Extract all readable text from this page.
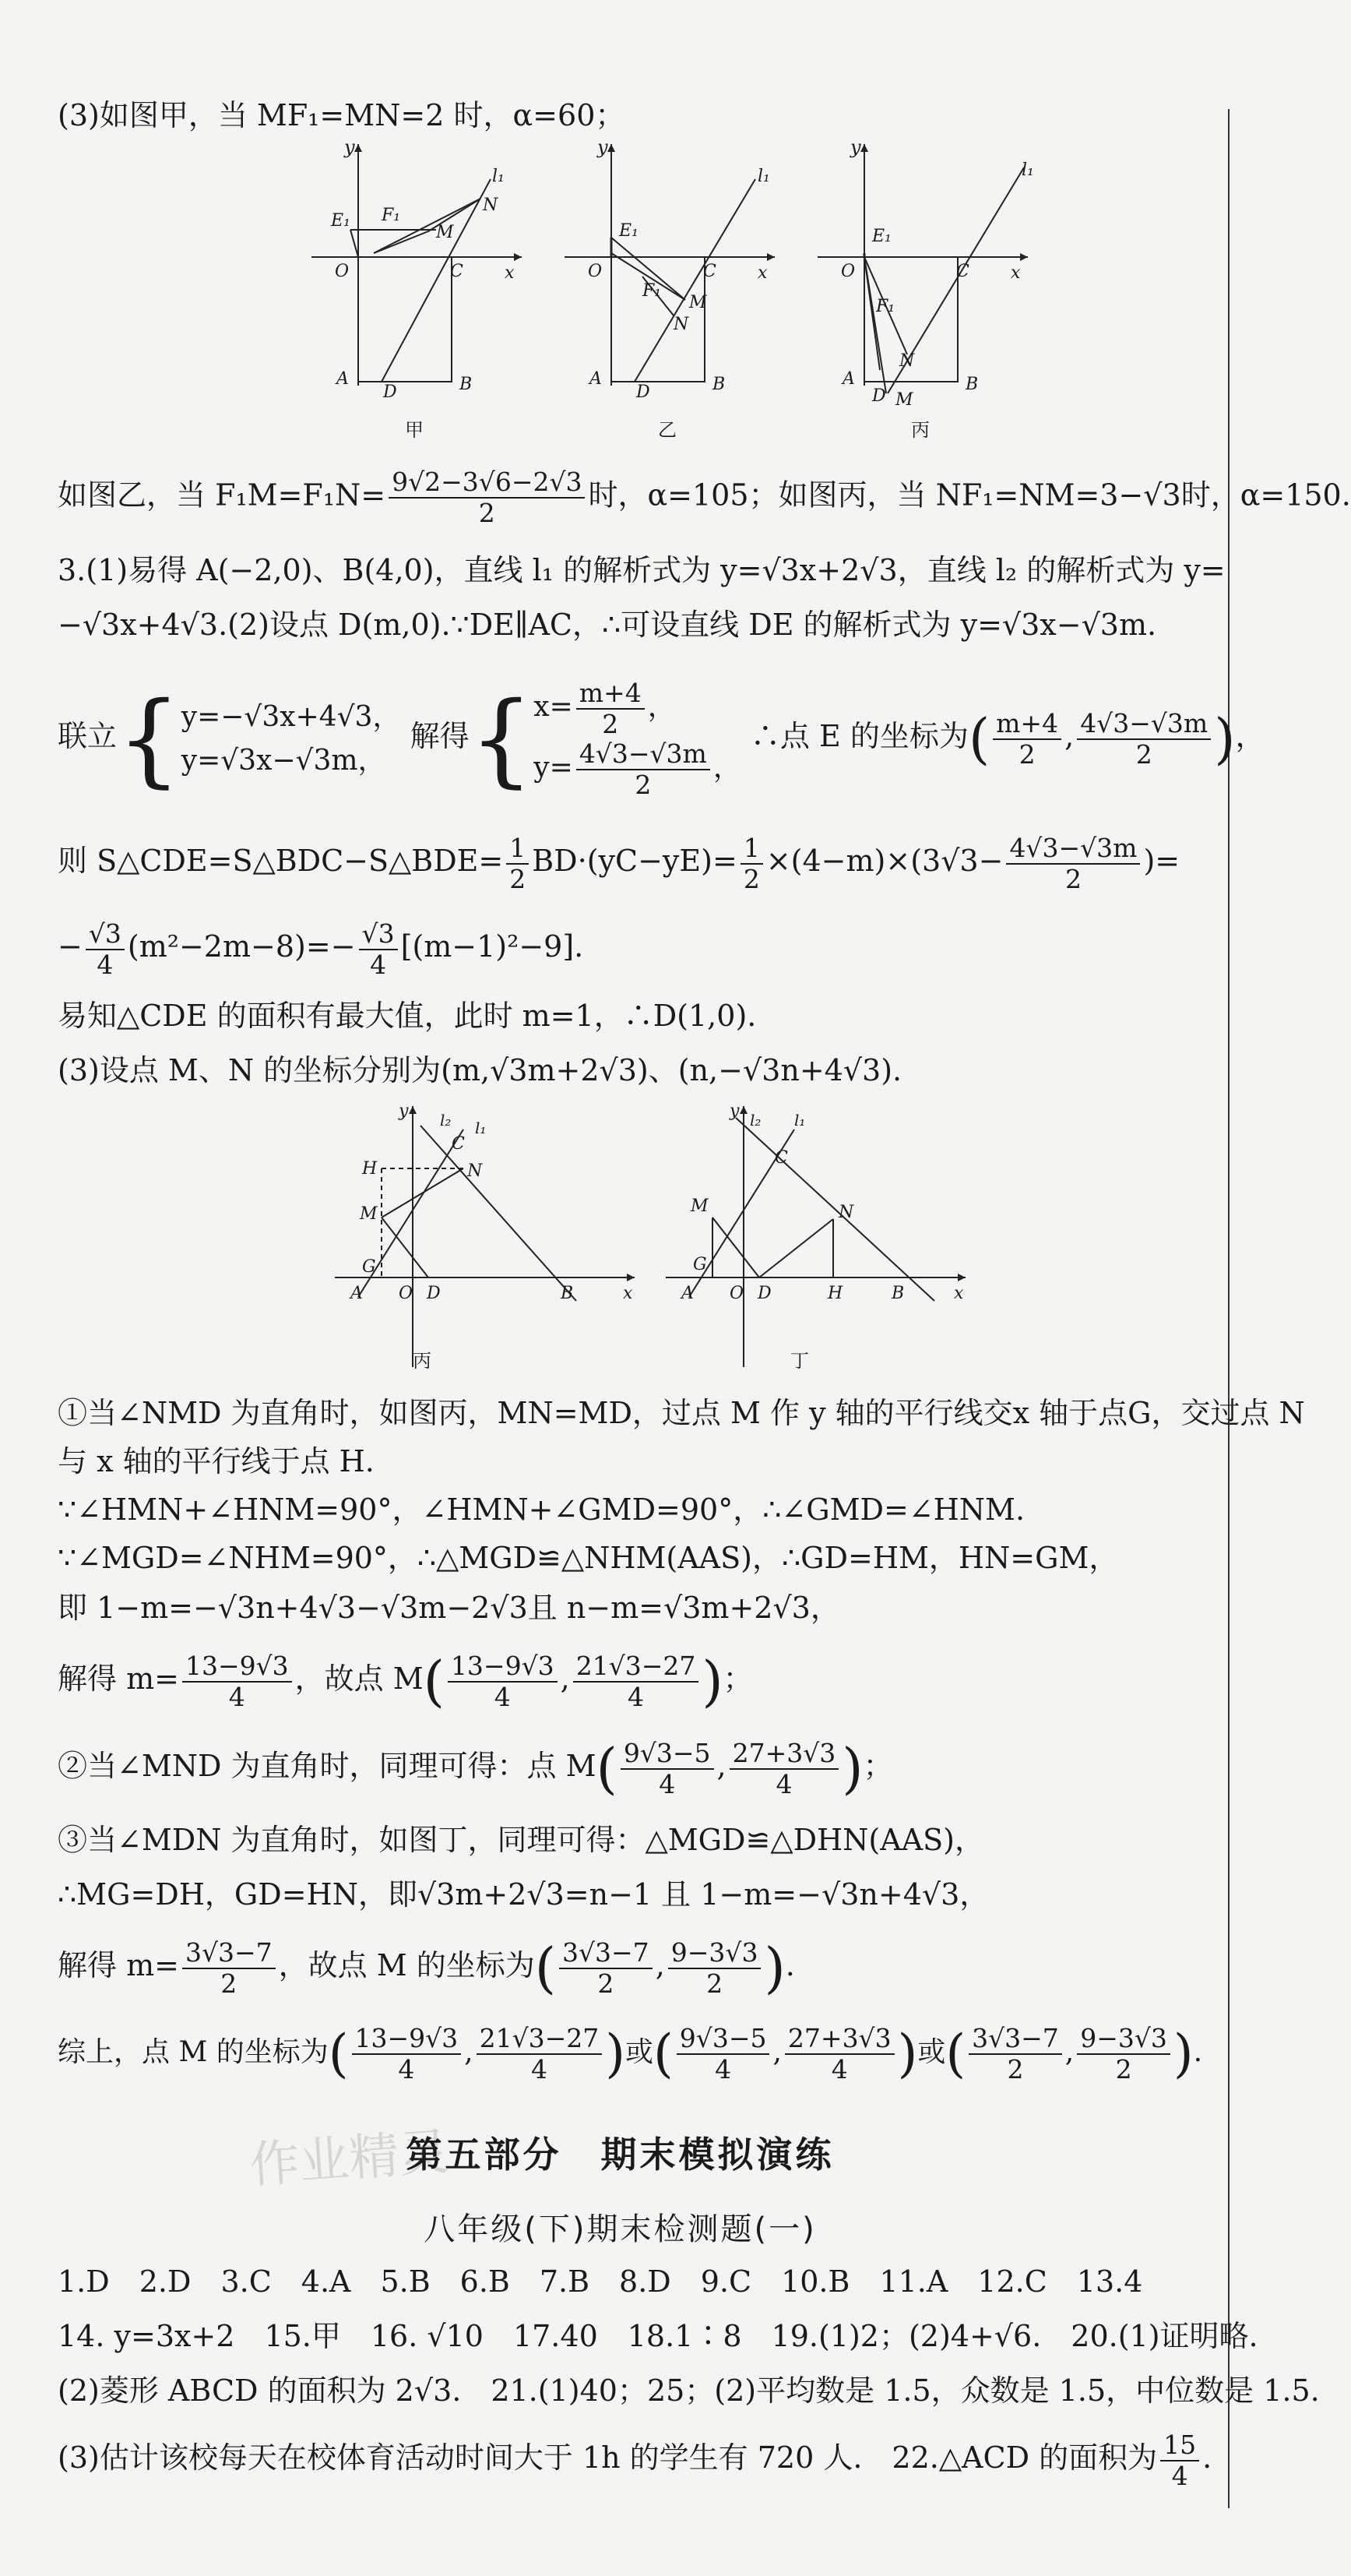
(3)如图甲，当 MF₁=MN=2 时，α=60；
y
l₁
E₁ F₁
N
M
O	C x
A
D	B
甲
y
l₁
E₁
F₁
M
N
O	C x
A
D	B
乙
y
l₁
E₁
F₁
N
M
O	C x
A
D
B
丙
如图乙，当 $F_1M=F_1N= \frac{9√2-3√6-2√3}{2}$ 时，α=105；如图丙，当 NF₁=NM=3−√3时，α=150.
3.(1)易得 A(−2,0)、B(4,0)，直线 l₁ 的解析式为 y=√3x+2√3，直线 l₂ 的解析式为 y=
−√3x+4√3.(2)设点 D(m,0).∵DE∥AC，∴可设直线 DE 的解析式为 y=√3x−√3m.
联立{ y=−√3x+4√3，
y=√3x−√3m，
解得{ $x= \frac{m+4}{2}$ ，
$y= \frac{4√3-√3m}{2}$ ，
∴点 E 的坐标为( $\frac{m+4}{2}$ , $\frac{4√3-√3m}{2}$ )，
则 S△CDE=S△BDC−S△BDE= $\frac{1}{2} BD\cdot(yC-yE)= \frac{1}{2} \times(4-m)\times(3√3- \frac{4√3-√3m}{2}$ )=
− $\frac{√3}{4} (m^2-2m-8)=- \frac{√3}{4} [(m-1)^2-9]$.
易知△CDE 的面积有最大值，此时 m=1，∴D(1,0).
(3)设点 M、N 的坐标分别为(m,√3m+2√3)、(n,−√3n+4√3).
y l₂
C
l₁
H	N
M
G
A O D	B	x
丙
y l₂ l₁
C
M	N
G
A O D	H	B	x
丁
①当∠NMD 为直角时，如图丙，MN=MD，过点 M 作 y 轴的平行线交x 轴于点G，交过点 N
与 x 轴的平行线于点 H.
∵∠HMN+∠HNM=90°，∠HMN+∠GMD=90°，∴∠GMD=∠HNM.
∵∠MGD=∠NHM=90°，∴△MGD≌△NHM(AAS)，∴GD=HM，HN=GM，
即 1−m=−√3n+4√3−√3m−2√3且 n−m=√3m+2√3，
解得 $m= \frac{13-9√3}{4}$ ，故点 $M( \frac{13-9√3}{4}$ , $\frac{21√3-27}{4}$ )；
②当∠MND 为直角时，同理可得：点 $M( \frac{9√3-5}{4}$ , $\frac{27+3√3}{4}$ )；
③当∠MDN 为直角时，如图丁，同理可得：△MGD≌△DHN(AAS)，
∴MG=DH，GD=HN，即√3m+2√3=n−1 且 1−m=−√3n+4√3，
解得 $m= \frac{3√3-7}{2}$ ，故点 M 的坐标为( $\frac{3√3-7}{2}$ , $\frac{9-3√3}{2}$ ).
综上，点 M 的坐标为( $\frac{13-9√3}{4}$ , $\frac{21√3-27}{4}$ )或( $\frac{9√3-5}{4}$ , $\frac{27+3√3}{4}$ )或( $\frac{3√3-7}{2}$ , $\frac{9-3√3}{2}$ ).
作业精灵
第五部分　期末模拟演练
八年级(下)期末检测题(一)
1.D　2.D　3.C　4.A　5.B　6.B　7.B　8.D　9.C　10.B　11.A　12.C　13.4
14. y=3x+2　15.甲　16. √10　17.40　18.1∶8　19.(1)2；(2)4+√6.　20.(1)证明略.
(2)菱形 ABCD 的面积为 2√3.　21.(1)40；25；(2)平均数是 1.5，众数是 1.5，中位数是 1.5.
(3)估计该校每天在校体育活动时间大于 1h 的学生有 720 人.　22.△ACD 的面积为 $\frac{15}{4}$ .
